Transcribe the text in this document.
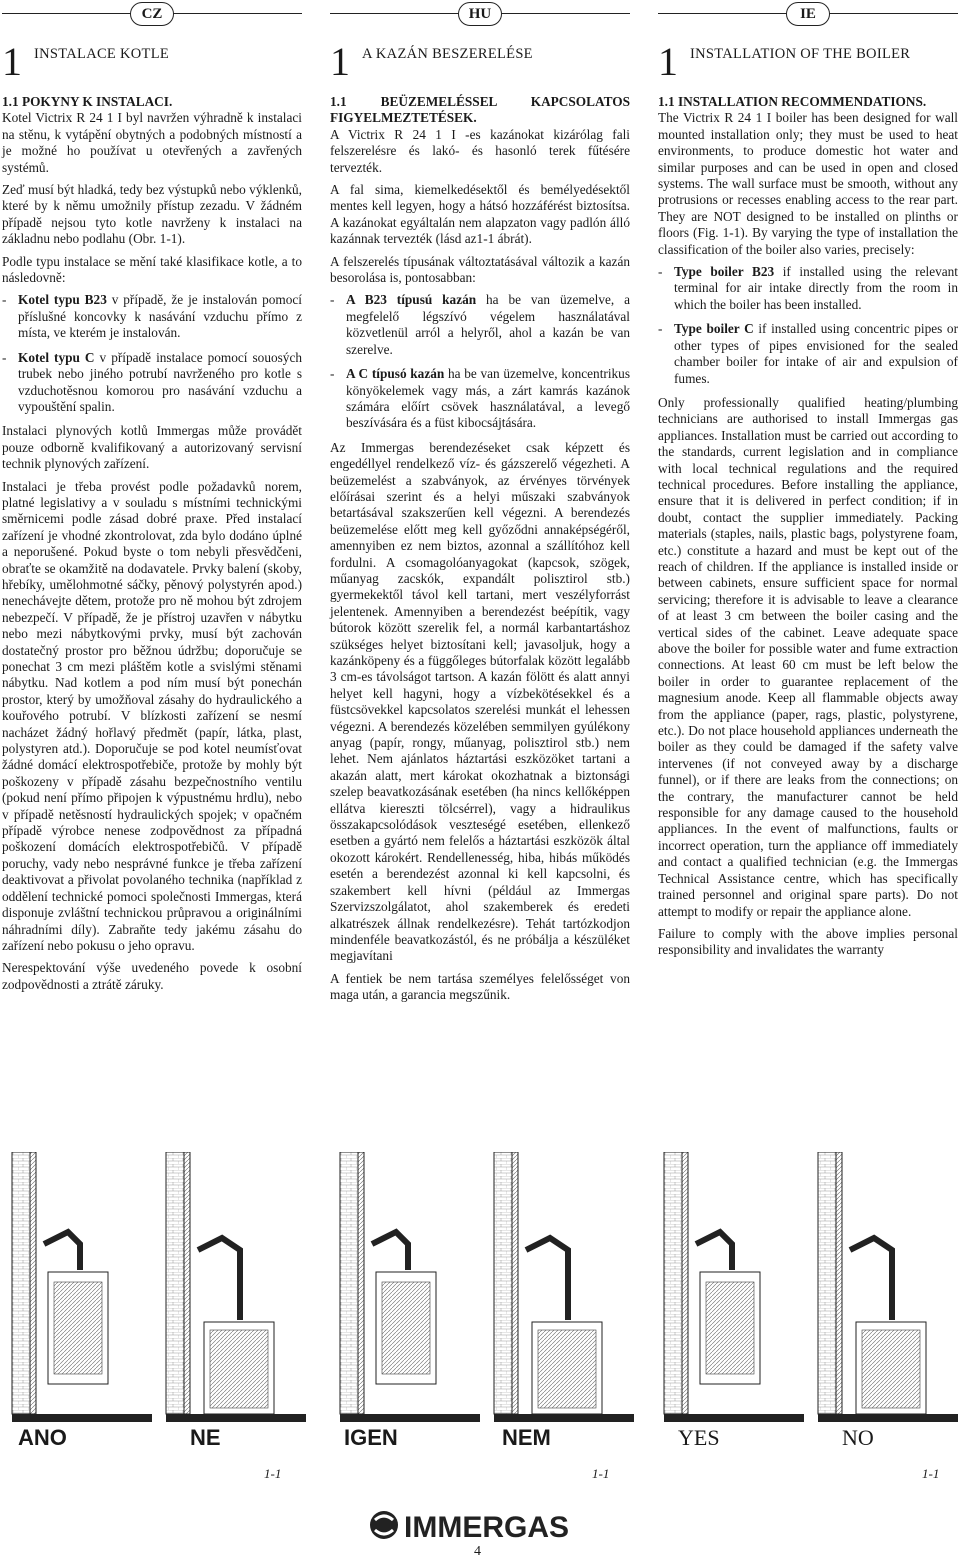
CZ
1 INSTALACE KOTLE

1.1 POKYNY K INSTALACI.

Kotel Victrix R 24 1 I byl navržen výhradně k instalaci na stěnu, k vytápění obytných a podobných místností a je možné ho používat u otevřených a zavřených systémů.

Zeď musí být hladká, tedy bez výstupků nebo výklenků, které by k němu umožnily přístup zezadu. V žádném případě nejsou tyto kotle navrženy k instalaci na základnu nebo podlahu (Obr. 1-1).

Podle typu instalace se mění také klasifikace kotle, a to následovně:

- Kotel typu B23 v případě, že je instalován pomocí příslušné koncovky k nasávání vzduchu přímo z místa, ve kterém je instalován.
- Kotel typu C v případě instalace pomocí souosých trubek nebo jiného potrubí navrženého pro kotle s vzduchotěsnou komorou pro nasávání vzduchu a vypouštění spalin.

Instalaci plynových kotlů Immergas může provádět pouze odborně kvalifikovaný a autorizovaný servisní technik plynových zařízení.

Instalaci je třeba provést podle požadavků norem, platné legislativy a v souladu s místními technickými směrnicemi podle zásad dobré praxe. Před instalací zařízení je vhodné zkontrolovat, zda bylo dodáno úplné a neporušené. Pokud byste o tom nebyli přesvědčeni, obraťte se okamžitě na dodavatele. Prvky balení (skoby, hřebíky, umělohmotné sáčky, pěnový polystyrén apod.) nenechávejte dětem, protože pro ně mohou být zdrojem nebezpečí. V případě, že je přístroj uzavřen v nábytku nebo mezi nábytkovými prvky, musí být zachován dostatečný prostor pro běžnou údržbu; doporučuje se ponechat 3 cm mezi pláštěm kotle a svislými stěnami nábytku. Nad kotlem a pod ním musí být ponechán prostor, který by umožňoval zásahy do hydraulického a kouřového potrubí. V blízkosti zařízení se nesmí nacházet žádný hořlavý předmět (papír, látka, plast, polystyren atd.). Doporučuje se pod kotel neumísťovat žádné domácí elektrospotřebiče, protože by mohly být poškozeny v případě zásahu bezpečnostního ventilu (pokud není přímo připojen k výpustnému hrdlu), nebo v případě netěsností hydraulických spojek; v opačném případě výrobce nenese zodpovědnost za případná poškození domácích elektrospotřebičů. V případě poruchy, vady nebo nesprávné funkce je třeba zařízení deaktivovat a přivolat povolaného technika (například z oddělení technické pomoci společnosti Immergas, která disponuje zvláštní technickou průpravou a originálními náhradními díly). Zabraňte tedy jakému zásahu do zařízení nebo pokusu o jeho opravu.

Nerespektování výše uvedeného povede k osobní zodpovědnosti a ztrátě záruky.

HU
1 A KAZÁN BESZERELÉSE

1.1 BEÜZEMELÉSSEL KAPCSOLATOS FIGYELMEZTETÉSEK.

A Victrix R 24 1 I -es kazánokat kizárólag fali felszerelésre és lakó- és hasonló terek fűtésére tervezték.

A fal sima, kiemelkedésektől és bemélyedésektől mentes kell legyen, hogy a hátsó hozzáférést biztosítsa. A kazánokat egyáltalán nem alapzaton vagy padlón álló kazánnak tervezték (lásd az1-1 ábrát).

A felszerelés típusának változtatásával változik a kazán besorolása is, pontosabban:

- A B23 típusú kazán ha be van üzemelve, a megfelelő légszívó végelem használatával közvetlenül arról a helyről, ahol a kazán be van szerelve.
- A C típusó kazán ha be van üzemelve, koncentrikus könyökelemek vagy más, a zárt kamrás kazánok számára előírt csövek használatával, a levegő beszívására és a füst kibocsájtására.

Az Immergas berendezéseket csak képzett és engedéllyel rendelkező víz- és gázszerelő végezheti. A beüzemelést a szabványok, az érvényes törvények előírásai szerint és a helyi műszaki szabványok betartásával szakszerűen kell végezni. A berendezés beüzemelése előtt meg kell győződni annaképségéről, amennyiben ez nem biztos, azonnal a szállítóhoz kell fordulni. A csomagolóanyagokat (kapcsok, szögek, műanyag zacskók, expandált polisztirol stb.) gyermekektől távol kell tartani, mert veszélyforrást jelentenek. Amennyiben a berendezést beépítik, vagy bútorok között szerelik fel, a normál karbantartáshoz szükséges helyet biztosítani kell; javasoljuk, hogy a kazánköpeny és a függőleges bútorfalak között legalább 3 cm-es távolságot tartson. A kazán fölött és alatt annyi helyet kell hagyni, hogy a vízbekötésekkel és a füstcsövekkel kapcsolatos szerelési munkát el lehessen végezni. A berendezés közelében semmilyen gyúlékony anyag (papír, rongy, műanyag, polisztirol stb.) nem lehet. Nem ajánlatos háztartási eszközöket tartani a akazán alatt, mert károkat okozhatnak a biztonsági szelep beavatkozásának esetében (ha nincs kellőképpen ellátva kiereszti tölcsérrel), vagy a hidraulikus összakapcsolódások veszteségé esetében, ellenkező esetben a gyártó nem felelős a háztartási eszközök által okozott károkért. Rendellenesség, hiba, hibás működés esetén a berendezést azonnal ki kell kapcsolni, és szakembert kell hívni (például az Immergas Szervizszolgálatot, ahol szakemberek és eredeti alkatrészek állnak rendelkezésre). Tehát tartózkodjon mindenféle beavatkozástól, és ne próbálja a készüléket megjavítani

A fentiek be nem tartása személyes felelősséget von maga után, a garancia megszűnik.

IE
1 INSTALLATION OF THE BOILER

1.1 INSTALLATION RECOMMENDATIONS.

The Victrix R 24 1 I boiler has been designed for wall mounted installation only; they must be used to heat environments, to produce domestic hot water and similar purposes and can be used in open and closed systems. The wall surface must be smooth, without any protrusions or recesses enabling access to the rear part. They are NOT designed to be installed on plinths or floors (Fig. 1-1). By varying the type of installation the classification of the boiler also varies, precisely:

- Type boiler B23 if installed using the relevant terminal for air intake directly from the room in which the boiler has been installed.
- Type boiler C if installed using concentric pipes or other types of pipes envisioned for the sealed chamber boiler for intake of air and expulsion of fumes.

Only professionally qualified heating/plumbing technicians are authorised to install Immergas gas appliances. Installation must be carried out according to the standards, current legislation and in compliance with local technical regulations and the required technical procedures. Before installing the appliance, ensure that it is delivered in perfect condition; if in doubt, contact the supplier immediately. Packing materials (staples, nails, plastic bags, polystyrene foam, etc.) constitute a hazard and must be kept out of the reach of children. If the appliance is installed inside or between cabinets, ensure sufficient space for normal servicing; therefore it is advisable to leave a clearance of at least 3 cm between the boiler casing and the vertical sides of the cabinet. Leave adequate space above the boiler for possible water and fume extraction connections. At least 60 cm must be left below the boiler in order to guarantee replacement of the magnesium anode. Keep all flammable objects away from the appliance (paper, rags, plastic, polystyrene, etc.). Do not place household appliances underneath the boiler as they could be damaged if the safety valve intervenes (if not conveyed away by a discharge funnel), or if there are leaks from the connections; on the contrary, the manufacturer cannot be held responsible for any damage caused to the household appliances. In the event of malfunctions, faults or incorrect operation, turn the appliance off immediately and contact a qualified technician (e.g. the Immergas Technical Assistance centre, which has specifically trained personnel and original spare parts). Do not attempt to modify or repair the appliance alone.

Failure to comply with the above implies personal responsibility and invalidates the warranty

ANO	NE
1-1
IGEN	NEM
1-1
YES	NO
1-1
IMMERGAS
4
